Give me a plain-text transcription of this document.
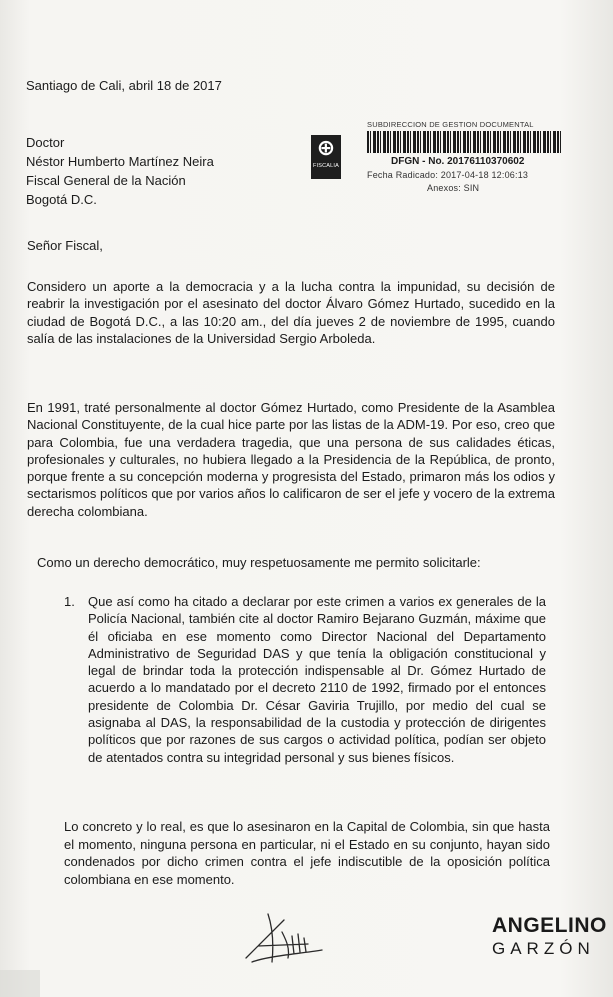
Santiago de Cali, abril 18 de 2017
Doctor
Néstor Humberto Martínez Neira
Fiscal General de la Nación
Bogotá D.C.
⊕
FISCALIA
SUBDIRECCION DE GESTION DOCUMENTAL
DFGN - No. 20176110370602
Fecha Radicado: 2017-04-18 12:06:13
Anexos: SIN
Señor Fiscal,
Considero un aporte a la democracia y a la lucha contra la impunidad, su decisión de reabrir la investigación por el asesinato del doctor Álvaro Gómez Hurtado, sucedido en la ciudad de Bogotá D.C., a las 10:20 am., del día jueves 2 de noviembre de 1995, cuando salía de las instalaciones de la Universidad Sergio Arboleda.
En 1991, traté personalmente al doctor Gómez Hurtado, como Presidente de la Asamblea Nacional Constituyente, de la cual hice parte por las listas de la ADM-19. Por eso, creo que para Colombia, fue una verdadera tragedia, que una persona de sus calidades éticas, profesionales y culturales, no hubiera llegado a la Presidencia de la República, de pronto, porque frente a su concepción moderna y progresista del Estado, primaron más los odios y sectarismos políticos que por varios años lo calificaron de ser el jefe y vocero de la extrema derecha colombiana.
Como un derecho democrático, muy respetuosamente me permito solicitarle:
1. Que así como ha citado a declarar por este crimen a varios ex generales de la Policía Nacional, también cite al doctor Ramiro Bejarano Guzmán, máxime que él oficiaba en ese momento como Director Nacional del Departamento Administrativo de Seguridad DAS y que tenía la obligación constitucional y legal de brindar toda la protección indispensable al Dr. Gómez Hurtado de acuerdo a lo mandatado por el decreto 2110 de 1992, firmado por el entonces presidente de Colombia Dr. César Gaviria Trujillo, por medio del cual se asignaba al DAS, la responsabilidad de la custodia y protección de dirigentes políticos que por razones de sus cargos o actividad política, podían ser objeto de atentados contra su integridad personal y sus bienes físicos.
Lo concreto y lo real, es que lo asesinaron en la Capital de Colombia, sin que hasta el momento, ninguna persona en particular, ni el Estado en su conjunto, hayan sido condenados por dicho crimen contra el jefe indiscutible de la oposición política colombiana en ese momento.
ANGELINO
GARZÓN
